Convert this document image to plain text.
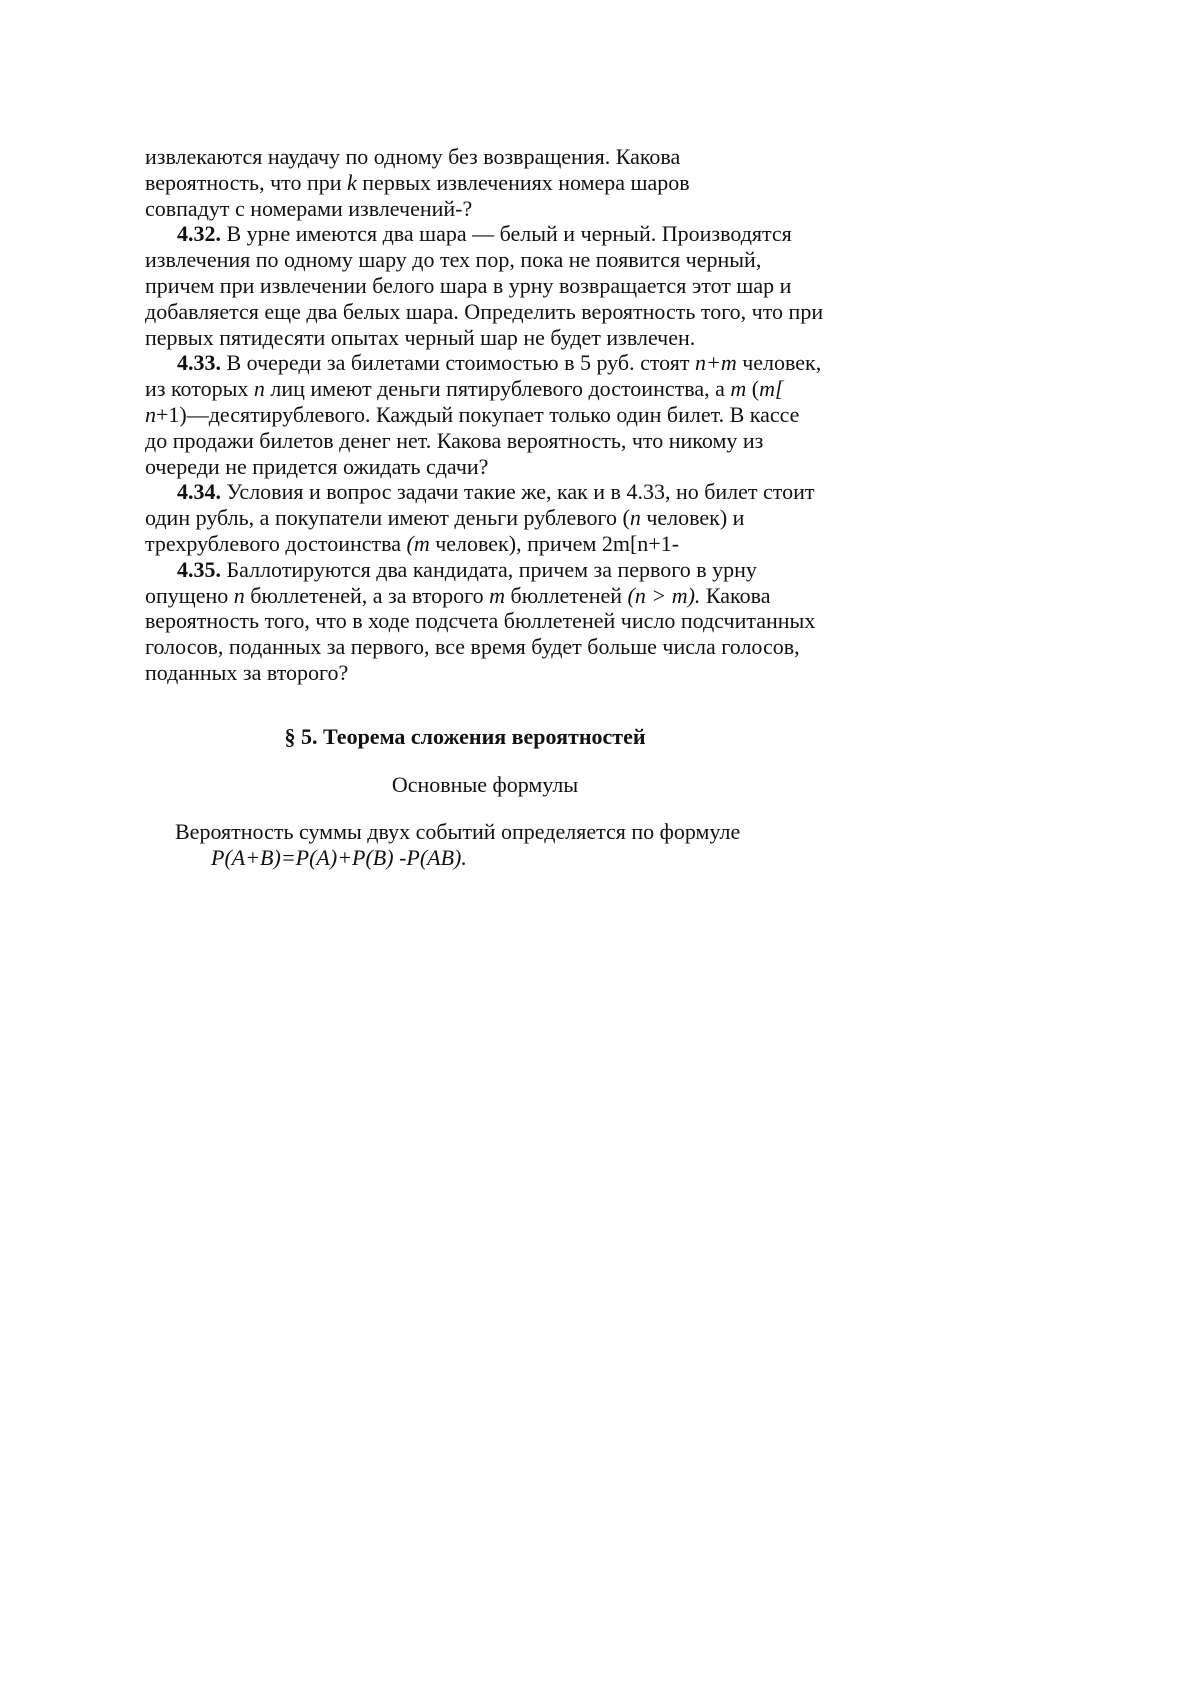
извлекаются наудачу по одному без возвращения. Какова
вероятность, что при k первых извлечениях номера шаров
совпадут с номерами извлечений-?

4.32. В урне имеются два шара — белый и черный. Производятся извлечения по одному шару до тех пор, пока не появится черный, причем при извлечении белого шара в урну возвращается этот шар и добавляется еще два белых шара. Определить вероятность того, что при первых пятидесяти опытах черный шар не будет извлечен.

4.33. В очереди за билетами стоимостью в 5 руб. стоят n+m человек, из которых n лиц имеют деньги пятирублевого достоинства, а m (m[ n+1)—десятирублевого. Каждый покупает только один билет. В кассе до продажи билетов денег нет. Какова вероятность, что никому из очереди не придется ожидать сдачи?

4.34. Условия и вопрос задачи такие же, как и в 4.33, но билет стоит один рубль, а покупатели имеют деньги рублевого (n человек) и трехрублевого достоинства (m человек), причем 2m[n+1-

4.35. Баллотируются два кандидата, причем за первого в урну опущено n бюллетеней, а за второго m бюллетеней (n > m). Какова вероятность того, что в ходе подсчета бюллетеней число подсчитанных голосов, поданных за первого, все время будет больше числа голосов, поданных за второго?

§ 5. Теорема сложения вероятностей

Основные формулы

Вероятность суммы двух событий определяется по формуле

P(A+B)=P(A)+P(B) -P(AB).
